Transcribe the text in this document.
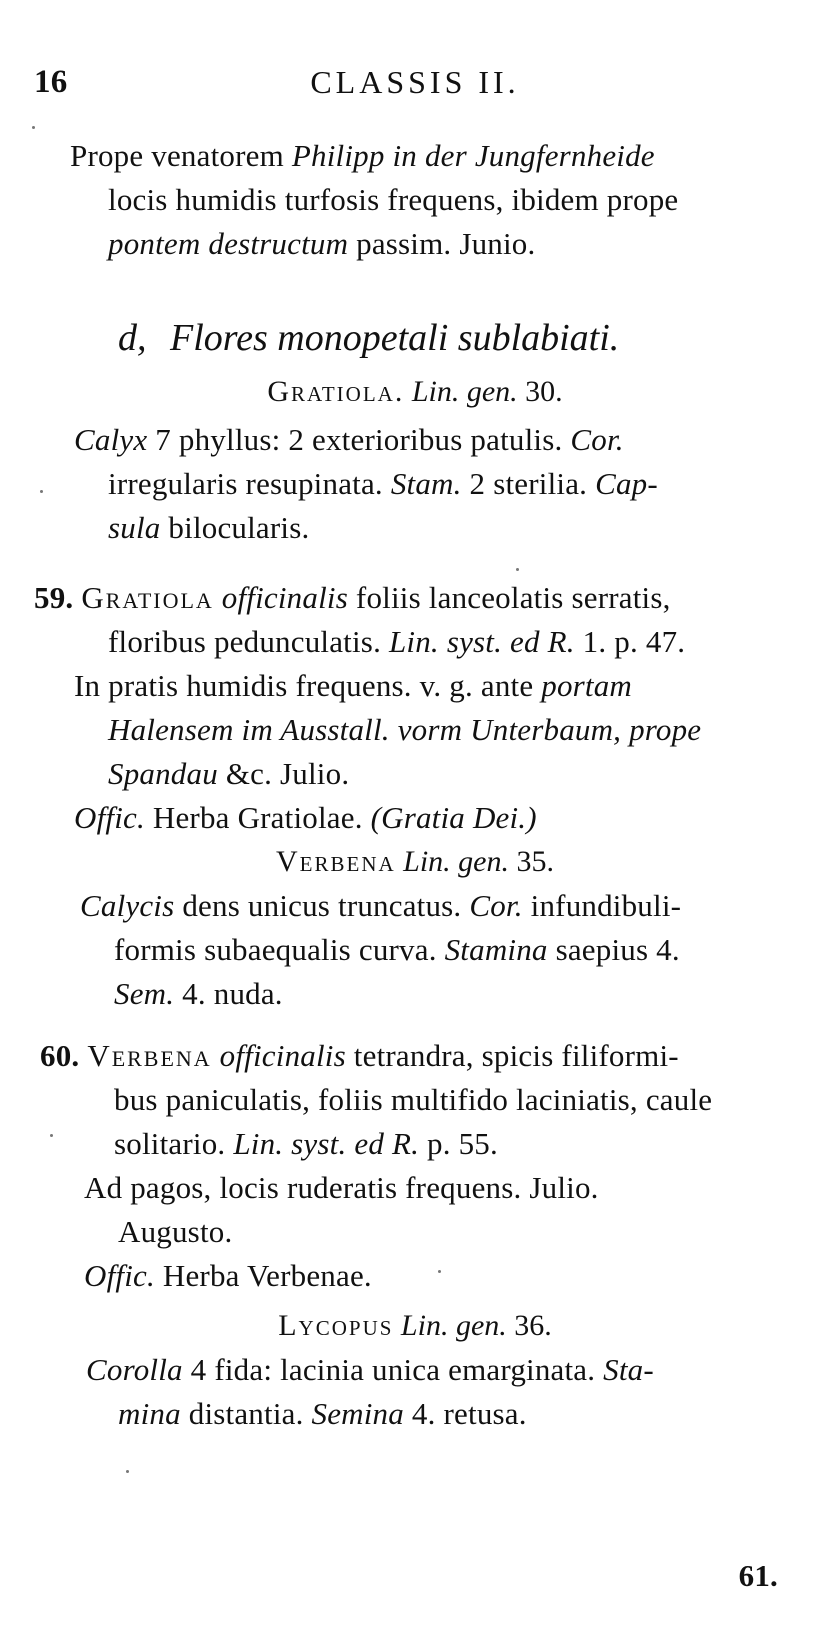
16	CLASSIS II.
Prope venatorem Philipp in der Jungfernheide
locis humidis turfosis frequens, ibidem prope
pontem destructum passim. Junio.
d, Flores monopetali sublabiati.
Gratiola. Lin. gen. 30.
Calyx 7 phyllus: 2 exterioribus patulis. Cor.
irregularis resupinata. Stam. 2 sterilia. Cap-
sula bilocularis.
59. Gratiola officinalis foliis lanceolatis serratis,
floribus pedunculatis. Lin. syst. ed R. 1. p. 47.
In pratis humidis frequens. v. g. ante portam
Halensem im Ausstall. vorm Unterbaum, prope
Spandau &c. Julio.
Offic. Herba Gratiolae. (Gratia Dei.)
Verbena Lin. gen. 35.
Calycis dens unicus truncatus. Cor. infundibuli-
formis subaequalis curva. Stamina saepius 4.
Sem. 4. nuda.
60. Verbena officinalis tetrandra, spicis filiformi-
bus paniculatis, foliis multifido laciniatis, caule
solitario. Lin. syst. ed R. p. 55.
Ad pagos, locis ruderatis frequens. Julio.
Augusto.
Offic. Herba Verbenae.
Lycopus Lin. gen. 36.
Corolla 4 fida: lacinia unica emarginata. Sta-
mina distantia. Semina 4. retusa.
61.
